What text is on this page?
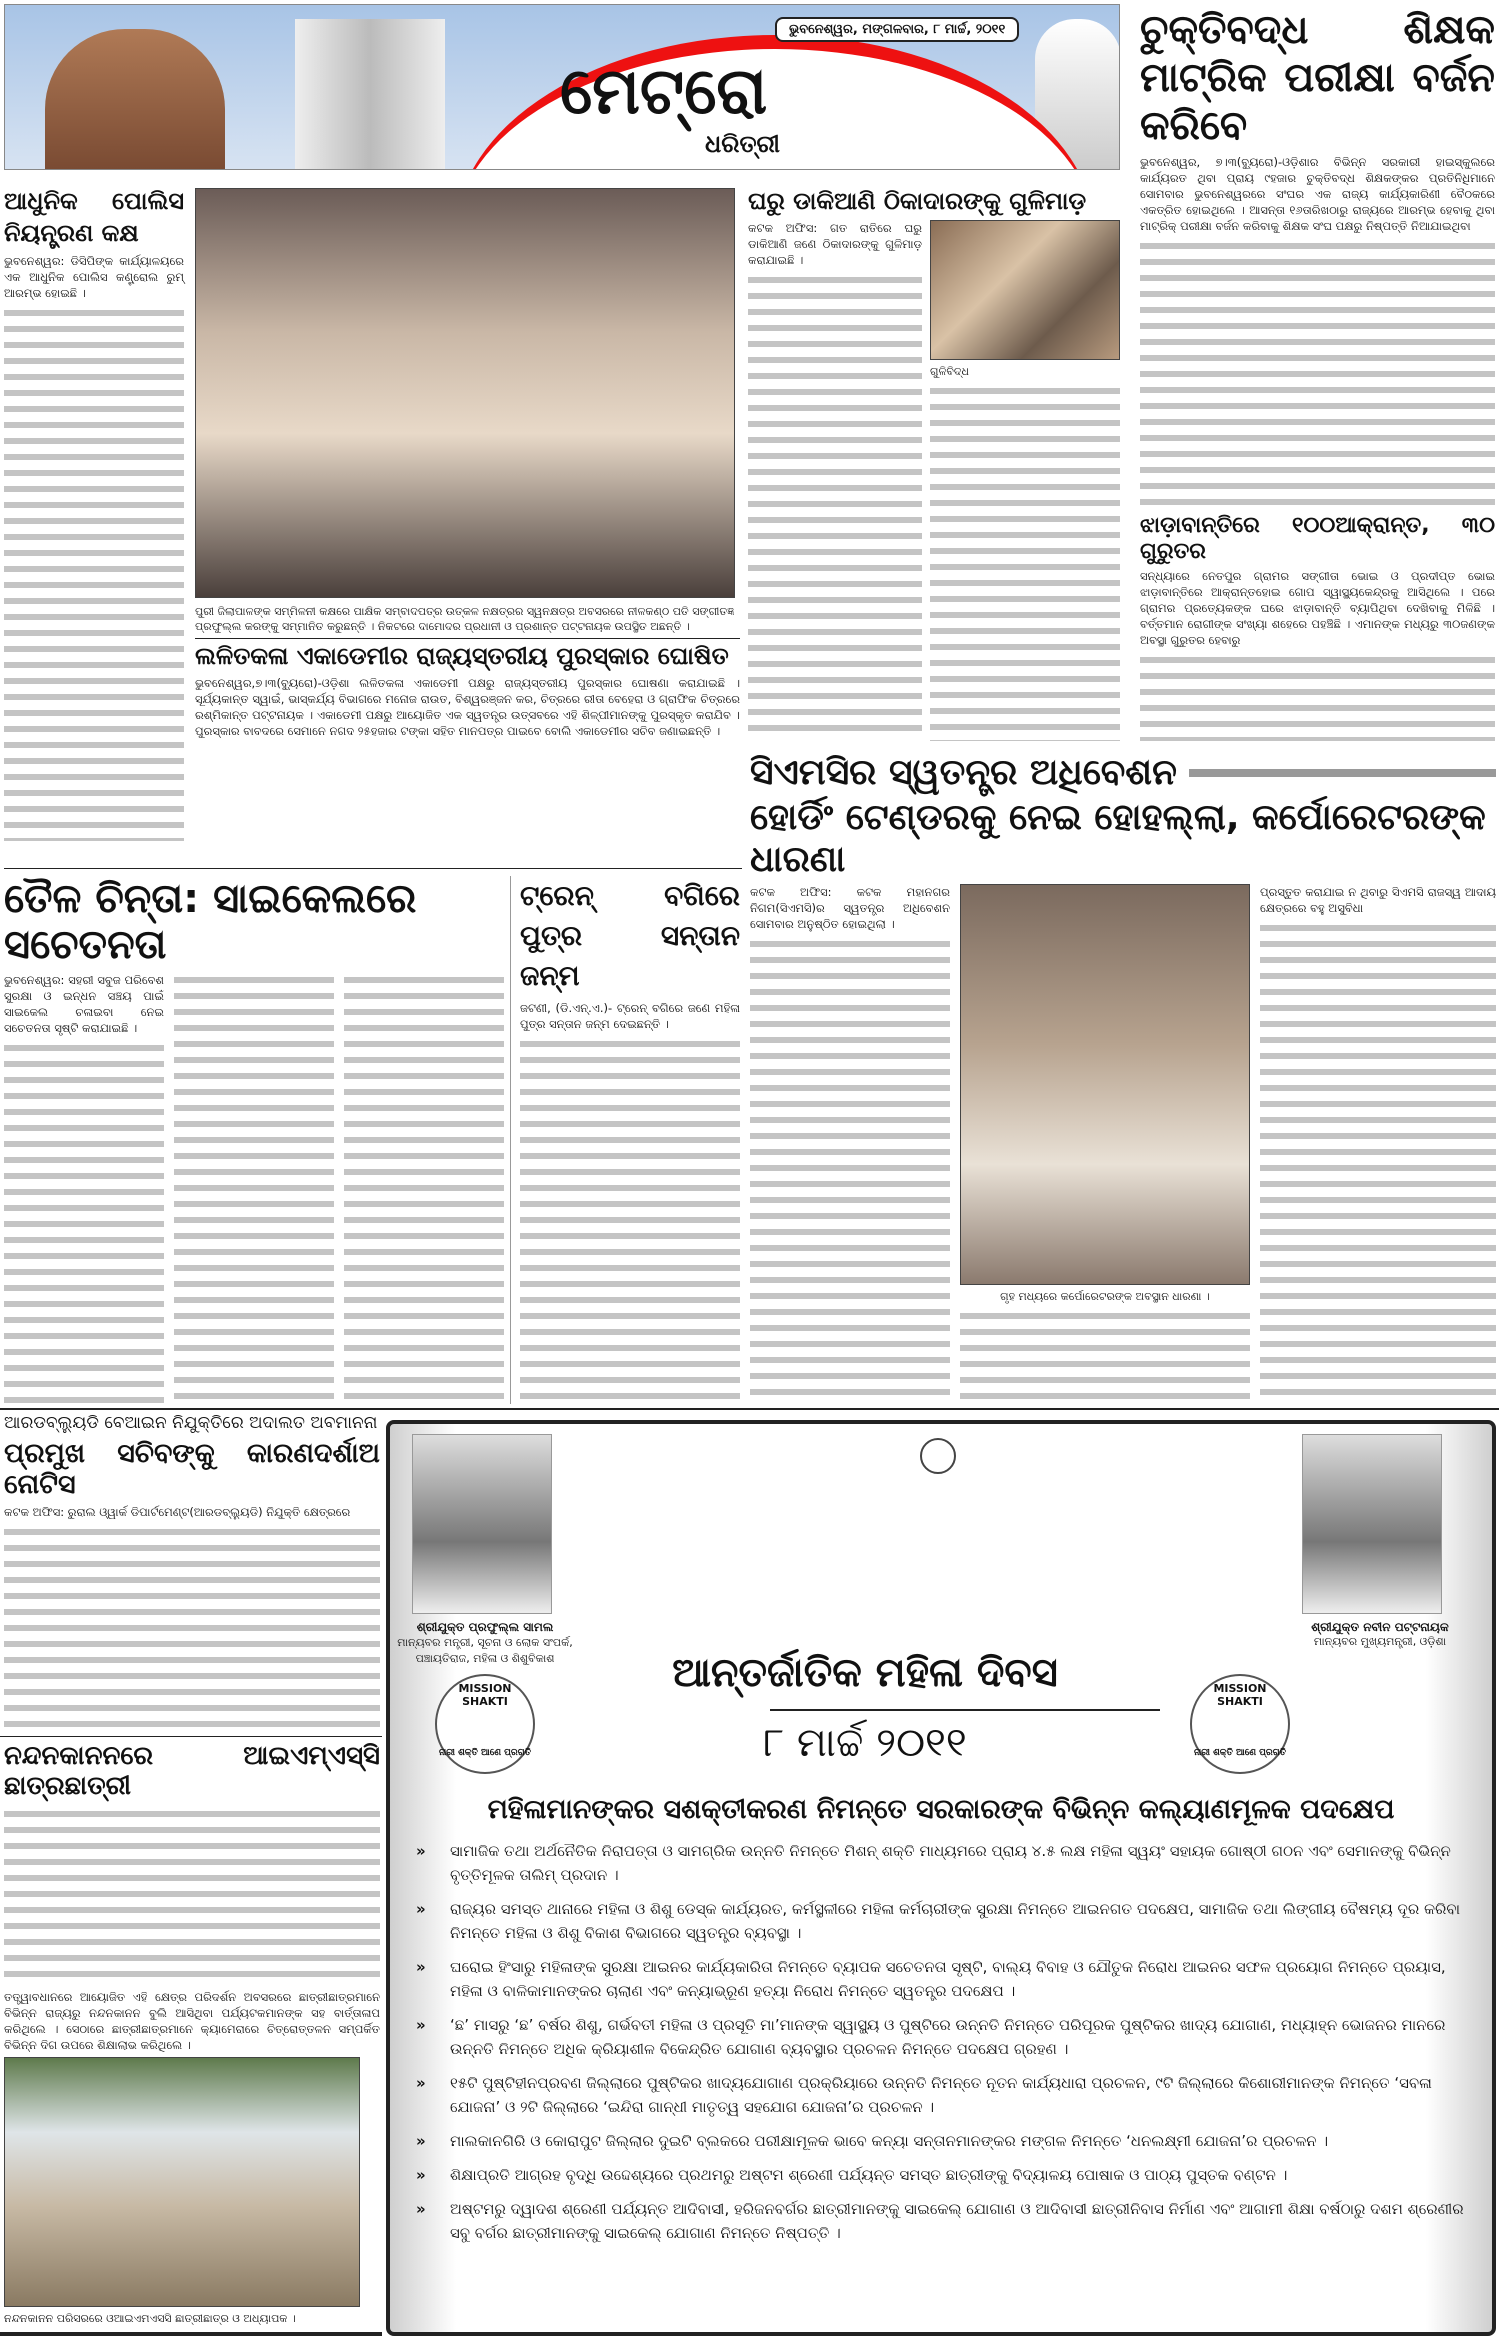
ମେଟ୍ରୋ
ଧରିତ୍ରୀ
ଭୁବନେଶ୍ୱର, ମଙ୍ଗଳବାର, ୮ ମାର୍ଚ୍ଚ, ୨୦୧୧	ଚୁକ୍ତିବଦ୍ଧ ଶିକ୍ଷକ ମାଟ୍ରିକ ପରୀକ୍ଷା ବର୍ଜନ କରିବେ

ଭୁବନେଶ୍ୱର, ୭।୩(ବ୍ୟୁରୋ)-ଓଡ଼ିଶାର ବିଭିନ୍ନ ସରକାରୀ ହାଇସ୍କୁଲରେ କାର୍ଯ୍ୟରତ ଥିବା ପ୍ରାୟ ୯ହଜାର ଚୁକ୍ତିବଦ୍ଧ ଶିକ୍ଷକଙ୍କର ପ୍ରତିନିଧିମାନେ ସୋମବାର ଭୁବନେଶ୍ୱରରେ ସଂଘର ଏକ ରାଜ୍ୟ କାର୍ଯ୍ୟକାରିଣୀ ବୈଠକରେ ଏକତ୍ରିତ ହୋଇଥିଲେ । ଆସନ୍ତା ୧୬ତାରିଖଠାରୁ ରାଜ୍ୟରେ ଆରମ୍ଭ ହେବାକୁ ଥିବା ମାଟ୍ରିକ୍ ପରୀକ୍ଷା ବର୍ଜନ କରିବାକୁ ଶିକ୍ଷକ ସଂଘ ପକ୍ଷରୁ ନିଷ୍ପତ୍ତି ନିଆଯାଇଥିବା

ଝାଡ଼ାବାନ୍ତିରେ ୧୦୦ଆକ୍ରାନ୍ତ, ୩୦ ଗୁରୁତର

ସନ୍ଧ୍ୟାରେ ନେତପୁର ଗ୍ରାମର ସଙ୍ଗୀତା ଭୋଇ ଓ ପ୍ରଦୀପ୍ତ ଭୋଇ ଝାଡ଼ାବାନ୍ତିରେ ଆକ୍ରାନ୍ତହୋଇ ଗୋପ ସ୍ୱାସ୍ଥ୍ୟକେନ୍ଦ୍ରକୁ ଆସିଥିଲେ । ପରେ ଗ୍ରାମର ପ୍ରତ୍ୟେକଙ୍କ ଘରେ ଝାଡ଼ାବାନ୍ତି ବ୍ୟାପିଥିବା ଦେଖିବାକୁ ମିଳିଛି । ବର୍ତ୍ତମାନ ରୋଗୀଙ୍କ ସଂଖ୍ୟା ଶହେରେ ପହଞ୍ଚିଛି । ଏମାନଙ୍କ ମଧ୍ୟରୁ ୩୦ଜଣଙ୍କ ଅବସ୍ଥା ଗୁରୁତର ହେବାରୁ

ଆଧୁନିକ ପୋଲିସ ନିୟନ୍ତ୍ରଣ କକ୍ଷ

ଭୁବନେଶ୍ୱର: ଡିସିପିଙ୍କ କାର୍ଯ୍ୟାଳୟରେ ଏକ ଆଧୁନିକ ପୋଲିସ କଣ୍ଟ୍ରୋଲ ରୁମ୍ ଆରମ୍ଭ ହୋଇଛି ।

ପୁରୀ ଜିଲାପାଳଙ୍କ ସମ୍ମିଳନୀ କକ୍ଷରେ ପାକ୍ଷିକ ସମ୍ବାଦପତ୍ର ଉତ୍କଳ ନକ୍ଷତ୍ରର ସ୍ୱନକ୍ଷତ୍ର ଅବସରରେ ନୀଳକଣ୍ଠ ପତି ସଙ୍ଗୀତଜ୍ଞ ପ୍ରଫୁଲ୍ଲ କରଙ୍କୁ ସମ୍ମାନିତ କରୁଛନ୍ତି । ନିକଟରେ ଦାମୋଦର ପ୍ରଧାନୀ ଓ ପ୍ରଶାନ୍ତ ପଟ୍ଟନାୟକ ଉପସ୍ଥିତ ଅଛନ୍ତି ।
ଲଳିତକଳା ଏକାଡେମୀର ରାଜ୍ୟସ୍ତରୀୟ ପୁରସ୍କାର ଘୋଷିତ
ଭୁବନେଶ୍ୱର,୭।୩(ବ୍ୟୁରୋ)-ଓଡ଼ିଶା ଲଳିତକଳା ଏକାଡେମୀ ପକ୍ଷରୁ ରାଜ୍ୟସ୍ତରୀୟ ପୁରସ୍କାର ଘୋଷଣା କରାଯାଇଛି । ସୂର୍ଯ୍ୟକାନ୍ତ ସ୍ୱାଇଁ, ଭାସ୍କର୍ଯ୍ୟ ବିଭାଗରେ ମନୋଜ ରାଉତ, ବିଶ୍ୱରଞ୍ଜନ କର, ଚିତ୍ରରେ ରୀତା ବେହେରା ଓ ଗ୍ରାଫିକ ଚିତ୍ରରେ ରଶ୍ମିକାନ୍ତ ପଟ୍ଟନାୟକ । ଏକାଡେମୀ ପକ୍ଷରୁ ଆୟୋଜିତ ଏକ ସ୍ୱତନ୍ତ୍ର ଉତ୍ସବରେ ଏହି ଶିଳ୍ପୀମାନଙ୍କୁ ପୁରସ୍କୃତ କରାଯିବ । ପୁରସ୍କାର ବାବଦରେ ସେମାନେ ନଗଦ ୨୫ହଜାର ଟଙ୍କା ସହିତ ମାନପତ୍ର ପାଇବେ ବୋଲି ଏକାଡେମୀର ସଚିବ ଜଣାଇଛନ୍ତି ।
ଘରୁ ଡାକିଆଣି ଠିକାଦାରଙ୍କୁ ଗୁଳିମାଡ଼

କଟକ ଅଫିସ: ଗତ ରାତିରେ ଘରୁ ଡାକିଆଣି ଜଣେ ଠିକାଦାରଙ୍କୁ ଗୁଳିମାଡ଼ କରାଯାଇଛି ।

ଗୁଳିବିଦ୍ଧ
ସିଏମସିର ସ୍ୱତନ୍ତ୍ର ଅଧିବେଶନ
ହୋର୍ଡିଂ ଟେଣ୍ଡରକୁ ନେଇ ହୋହଲ୍ଲା, କର୍ପୋରେଟରଙ୍କ ଧାରଣା

କଟକ ଅଫିସ: କଟକ ମହାନଗର ନିଗମ(ସିଏମସି)ର ସ୍ୱତନ୍ତ୍ର ଅଧିବେଶନ ସୋମବାର ଅନୁଷ୍ଠିତ ହୋଇଥିଲା ।

ଗୃହ ମଧ୍ୟରେ କର୍ପୋରେଟରଙ୍କ ଅବସ୍ଥାନ ଧାରଣା ।

ପ୍ରସ୍ତୁତ କରାଯାଇ ନ ଥିବାରୁ ସିଏମସି ରାଜସ୍ୱ ଆଦାୟ କ୍ଷେତ୍ରରେ ବହୁ ଅସୁବିଧା

ତୈଳ ଚିନ୍ତା: ସାଇକେଲରେ ସଚେତନତା

ଭୁବନେଶ୍ୱର: ସହରୀ ସବୁଜ ପରିବେଶ ସୁରକ୍ଷା ଓ ଇନ୍ଧନ ସଞ୍ଚୟ ପାଇଁ ସାଇକେଲ ଚଳାଇବା ନେଇ ସଚେତନତା ସୃଷ୍ଟି କରାଯାଇଛି ।

ଟ୍ରେନ୍ ବଗିରେ ପୁତ୍ର ସନ୍ତାନ ଜନ୍ମ

ଜଟଣୀ, (ଡି.ଏନ୍.ଏ.)- ଟ୍ରେନ୍ ବଗିରେ ଜଣେ ମହିଳା ପୁତ୍ର ସନ୍ତାନ ଜନ୍ମ ଦେଇଛନ୍ତି ।

ଆରଡବ୍ଲ୍ୟୁଡି ବେଆଇନ ନିଯୁକ୍ତିରେ ଅଦାଲତ ଅବମାନନା
ପ୍ରମୁଖ ସଚିବଙ୍କୁ କାରଣଦର୍ଶାଅ ନୋଟିସ

କଟକ ଅଫିସ: ରୁରାଲ ଓ୍ୱାର୍କ ଡିପାର୍ଟମେଣ୍ଟ(ଆରଡବ୍ଲ୍ୟୁଡି) ନିଯୁକ୍ତି କ୍ଷେତ୍ରରେ

ନନ୍ଦନକାନନରେ ଆଇଏମ୍ଏସ୍ସି ଛାତ୍ରଛାତ୍ରୀ

ତତ୍ତ୍ୱାବଧାନରେ ଆୟୋଜିତ ଏହି କ୍ଷେତ୍ର ପରିଦର୍ଶନ ଅବସରରେ ଛାତ୍ରୀଛାତ୍ରମାନେ ବିଭିନ୍ନ ରାଜ୍ୟରୁ ନନ୍ଦନକାନନ ବୁଲି ଆସିଥିବା ପର୍ଯ୍ୟଟକମାନଙ୍କ ସହ ବାର୍ତ୍ତାଳାପ କରିଥିଲେ । ସେଠାରେ ଛାତ୍ରୀଛାତ୍ରମାନେ କ୍ୟାମେରାରେ ଚିତ୍ରୋତ୍ତଳନ ସମ୍ପର୍କିତ ବିଭିନ୍ନ ଦିଗ ଉପରେ ଶିକ୍ଷାଲାଭ କରିଥିଲେ ।

ନନ୍ଦନକାନନ ପରିସରରେ ଓଆଇଏମଏସସି ଛାତ୍ରୀଛାତ୍ର ଓ ଅଧ୍ୟାପକ ।
ଶ୍ରୀଯୁକ୍ତ ପ୍ରଫୁଲ୍ଲ ସାମଲ
ମାନ୍ୟବର ମନ୍ତ୍ରୀ, ସୂଚନା ଓ ଲୋକ ସଂପର୍କ, ପଞ୍ଚାୟତିରାଜ, ମହିଳା ଓ ଶିଶୁବିକାଶ
ଶ୍ରୀଯୁକ୍ତ ନବୀନ ପଟ୍ଟନାୟକ
ମାନ୍ୟବର ମୁଖ୍ୟମନ୍ତ୍ରୀ, ଓଡ଼ିଶା
MISSION SHAKTI
ନାରୀ ଶକ୍ତି ଆଣେ ପ୍ରଗତି
MISSION SHAKTI
ନାରୀ ଶକ୍ତି ଆଣେ ପ୍ରଗତି
ଆନ୍ତର୍ଜାତିକ ମହିଳା ଦିବସ
୮ ମାର୍ଚ୍ଚ ୨୦୧୧
ମହିଳାମାନଙ୍କର ସଶକ୍ତୀକରଣ ନିମନ୍ତେ ସରକାରଙ୍କ ବିଭିନ୍ନ କଲ୍ୟାଣମୂଳକ ପଦକ୍ଷେପ
» ସାମାଜିକ ତଥା ଅର୍ଥନୈତିକ ନିରାପତ୍ତା ଓ ସାମଗ୍ରିକ ଉନ୍ନତି ନିମନ୍ତେ ମିଶନ୍ ଶକ୍ତି ମାଧ୍ୟମରେ ପ୍ରାୟ ୪.୫ ଲକ୍ଷ ମହିଳା ସ୍ୱୟଂ ସହାୟକ ଗୋଷ୍ଠୀ ଗଠନ ଏବଂ ସେମାନଙ୍କୁ ବିଭିନ୍ନ ବୃତ୍ତିମୂଳକ ତାଲିମ୍ ପ୍ରଦାନ ।
» ରାଜ୍ୟର ସମସ୍ତ ଥାନାରେ ମହିଳା ଓ ଶିଶୁ ଡେସ୍କ କାର୍ଯ୍ୟରତ, କର୍ମସ୍ଥଳୀରେ ମହିଳା କର୍ମଚାରୀଙ୍କ ସୁରକ୍ଷା ନିମନ୍ତେ ଆଇନଗତ ପଦକ୍ଷେପ, ସାମାଜିକ ତଥା ଲିଙ୍ଗୀୟ ବୈଷମ୍ୟ ଦୂର କରିବା ନିମନ୍ତେ ମହିଳା ଓ ଶିଶୁ ବିକାଶ ବିଭାଗରେ ସ୍ୱତନ୍ତ୍ର ବ୍ୟବସ୍ଥା ।
» ଘରୋଇ ହିଂସାରୁ ମହିଳାଙ୍କ ସୁରକ୍ଷା ଆଇନର କାର୍ଯ୍ୟକାରିତା ନିମନ୍ତେ ବ୍ୟାପକ ସଚେତନତା ସୃଷ୍ଟି, ବାଲ୍ୟ ବିବାହ ଓ ଯୌତୁକ ନିରୋଧ ଆଇନର ସଫଳ ପ୍ରୟୋଗ ନିମନ୍ତେ ପ୍ରୟାସ, ମହିଳା ଓ ବାଳିକାମାନଙ୍କର ଚାଲାଣ ଏବଂ କନ୍ୟାଭ୍ରୂଣ ହତ୍ୟା ନିରୋଧ ନିମନ୍ତେ ସ୍ୱତନ୍ତ୍ର ପଦକ୍ଷେପ ।
» ‘ଛ’ ମାସରୁ ‘ଛ’ ବର୍ଷର ଶିଶୁ, ଗର୍ଭବତୀ ମହିଳା ଓ ପ୍ରସୂତି ମା’ମାନଙ୍କ ସ୍ୱାସ୍ଥ୍ୟ ଓ ପୁଷ୍ଟିରେ ଉନ୍ନତି ନିମନ୍ତେ ପରିପୂରକ ପୁଷ୍ଟିକର ଖାଦ୍ୟ ଯୋଗାଣ, ମଧ୍ୟାହ୍ନ ଭୋଜନର ମାନରେ ଉନ୍ନତି ନିମନ୍ତେ ଅଧିକ କ୍ରିୟାଶୀଳ ବିକେନ୍ଦ୍ରିତ ଯୋଗାଣ ବ୍ୟବସ୍ଥାର ପ୍ରଚଳନ ନିମନ୍ତେ ପଦକ୍ଷେପ ଗ୍ରହଣ ।
» ୧୫ଟି ପୁଷ୍ଟିହୀନପ୍ରବଣ ଜିଲ୍ଲାରେ ପୁଷ୍ଟିକର ଖାଦ୍ୟଯୋଗାଣ ପ୍ରକ୍ରିୟାରେ ଉନ୍ନତି ନିମନ୍ତେ ନୂତନ କାର୍ଯ୍ୟଧାରା ପ୍ରଚଳନ, ୯ଟି ଜିଲ୍ଲାରେ କିଶୋରୀମାନଙ୍କ ନିମନ୍ତେ ‘ସବଳା ଯୋଜନା’ ଓ ୨ଟି ଜିଲ୍ଲାରେ ‘ଇନ୍ଦିରା ଗାନ୍ଧୀ ମାତୃତ୍ୱ ସହଯୋଗ ଯୋଜନା’ର ପ୍ରଚଳନ ।
» ମାଲକାନଗିରି ଓ କୋରାପୁଟ ଜିଲ୍ଲାର ଦୁଇଟି ବ୍ଲକରେ ପରୀକ୍ଷାମୂଳକ ଭାବେ କନ୍ୟା ସନ୍ତାନମାନଙ୍କର ମଙ୍ଗଳ ନିମନ୍ତେ ‘ଧନଲକ୍ଷ୍ମୀ ଯୋଜନା’ର ପ୍ରଚଳନ ।
» ଶିକ୍ଷାପ୍ରତି ଆଗ୍ରହ ବୃଦ୍ଧି ଉଦ୍ଦେଶ୍ୟରେ ପ୍ରଥମରୁ ଅଷ୍ଟମ ଶ୍ରେଣୀ ପର୍ଯ୍ୟନ୍ତ ସମସ୍ତ ଛାତ୍ରୀଙ୍କୁ ବିଦ୍ୟାଳୟ ପୋଷାକ ଓ ପାଠ୍ୟ ପୁସ୍ତକ ବଣ୍ଟନ ।
» ଅଷ୍ଟମରୁ ଦ୍ୱାଦଶ ଶ୍ରେଣୀ ପର୍ଯ୍ୟନ୍ତ ଆଦିବାସୀ, ହରିଜନବର୍ଗର ଛାତ୍ରୀମାନଙ୍କୁ ସାଇକେଲ୍ ଯୋଗାଣ ଓ ଆଦିବାସୀ ଛାତ୍ରୀନିବାସ ନିର୍ମାଣ ଏବଂ ଆଗାମୀ ଶିକ୍ଷା ବର୍ଷଠାରୁ ଦଶମ ଶ୍ରେଣୀର ସବୁ ବର୍ଗର ଛାତ୍ରୀମାନଙ୍କୁ ସାଇକେଲ୍ ଯୋଗାଣ ନିମନ୍ତେ ନିଷ୍ପତ୍ତି ।
